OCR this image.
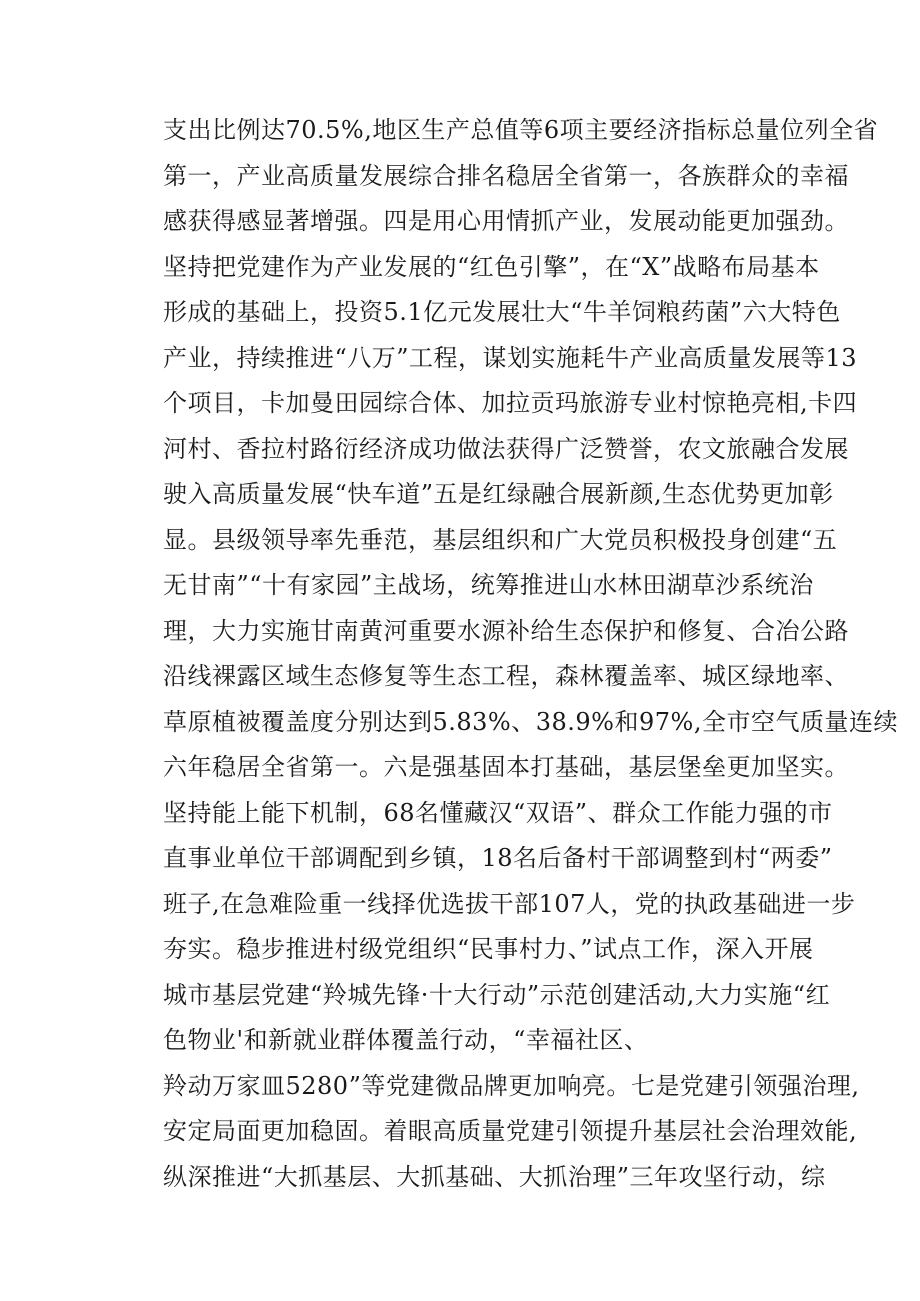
支出比例达70.5%,地区生产总值等6项主要经济指标总量位列全省
第一，产业高质量发展综合排名稳居全省第一，各族群众的幸福
感获得感显著增强。四是用心用情抓产业，发展动能更加强劲。
坚持把党建作为产业发展的“红色引擎”，在“X”战略布局基本
形成的基础上，投资5.1亿元发展壮大“牛羊饲粮药菌”六大特色
产业，持续推进“八万”工程，谋划实施耗牛产业高质量发展等13
个项目，卡加曼田园综合体、加拉贡玛旅游专业村惊艳亮相,卡四
河村、香拉村路衍经济成功做法获得广泛赞誉，农文旅融合发展
驶入高质量发展“快车道”五是红绿融合展新颜,生态优势更加彰
显。县级领导率先垂范，基层组织和广大党员积极投身创建“五
无甘南”“十有家园”主战场，统筹推进山水林田湖草沙系统治
理，大力实施甘南黄河重要水源补给生态保护和修复、合冶公路
沿线裸露区域生态修复等生态工程，森林覆盖率、城区绿地率、
草原植被覆盖度分别达到5.83%、38.9%和97%,全市空气质量连续
六年稳居全省第一。六是强基固本打基础，基层堡垒更加坚实。
坚持能上能下机制，68名懂藏汉“双语”、群众工作能力强的市
直事业单位干部调配到乡镇，18名后备村干部调整到村“两委”
班子,在急难险重一线择优选拔干部107人，党的执政基础进一步
夯实。稳步推进村级党组织“民事村力、”试点工作，深入开展
城市基层党建“羚城先锋·十大行动”示范创建活动,大力实施“红
色物业'和新就业群体覆盖行动，“幸福社区、
羚动万家皿5280”等党建微品牌更加响亮。七是党建引领强治理,
安定局面更加稳固。着眼高质量党建引领提升基层社会治理效能,
纵深推进“大抓基层、大抓基础、大抓治理”三年攻坚行动，综
